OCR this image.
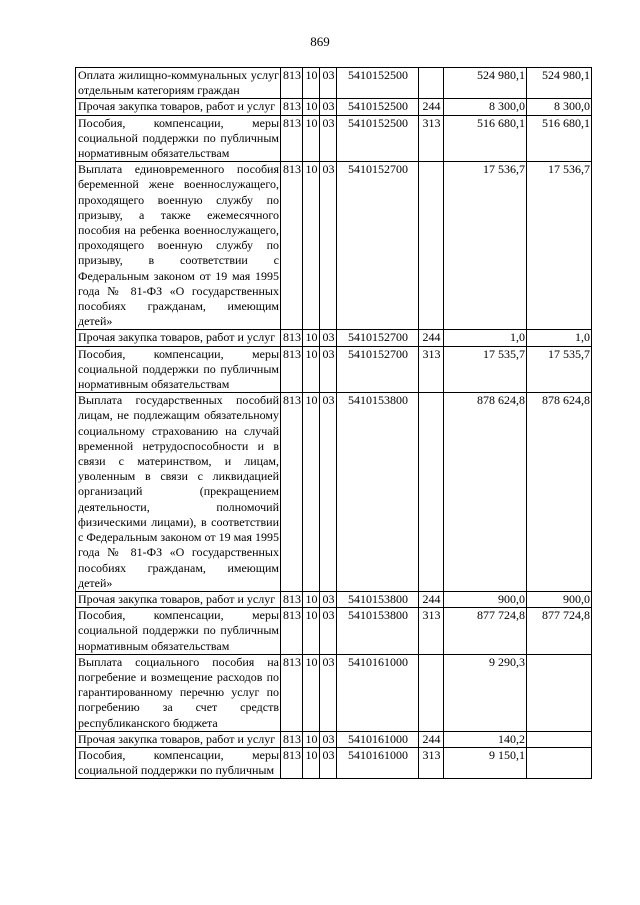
869
Оплата жилищно-коммунальных услуг отдельным категориям граждан	813	10	03	5410152500		524 980,1	524 980,1
Прочая закупка товаров, работ и услуг	813	10	03	5410152500	244	8 300,0	8 300,0
Пособия, компенсации, меры социальной поддержки по публичным нормативным обязательствам	813	10	03	5410152500	313	516 680,1	516 680,1
Выплата единовременного пособия беременной жене военнослужащего, проходящего военную службу по призыву, а также ежемесячного пособия на ребенка военнослужащего, проходящего военную службу по призыву, в соответствии с Федеральным законом от 19 мая 1995 года № 81-ФЗ «О государственных пособиях гражданам, имеющим детей»	813	10	03	5410152700		17 536,7	17 536,7
Прочая закупка товаров, работ и услуг	813	10	03	5410152700	244	1,0	1,0
Пособия, компенсации, меры социальной поддержки по публичным нормативным обязательствам	813	10	03	5410152700	313	17 535,7	17 535,7
Выплата государственных пособий лицам, не подлежащим обязательному социальному страхованию на случай временной нетрудоспособности и в связи с материнством, и лицам, уволенным в связи с ликвидацией организаций (прекращением деятельности, полномочий физическими лицами), в соответствии с Федеральным законом от 19 мая 1995 года № 81-ФЗ «О государственных пособиях гражданам, имеющим детей»	813	10	03	5410153800		878 624,8	878 624,8
Прочая закупка товаров, работ и услуг	813	10	03	5410153800	244	900,0	900,0
Пособия, компенсации, меры социальной поддержки по публичным нормативным обязательствам	813	10	03	5410153800	313	877 724,8	877 724,8
Выплата социального пособия на погребение и возмещение расходов по гарантированному перечню услуг по погребению за счет средств республиканского бюджета	813	10	03	5410161000		9 290,3	
Прочая закупка товаров, работ и услуг	813	10	03	5410161000	244	140,2	
Пособия, компенсации, меры социальной поддержки по публичным	813	10	03	5410161000	313	9 150,1	
